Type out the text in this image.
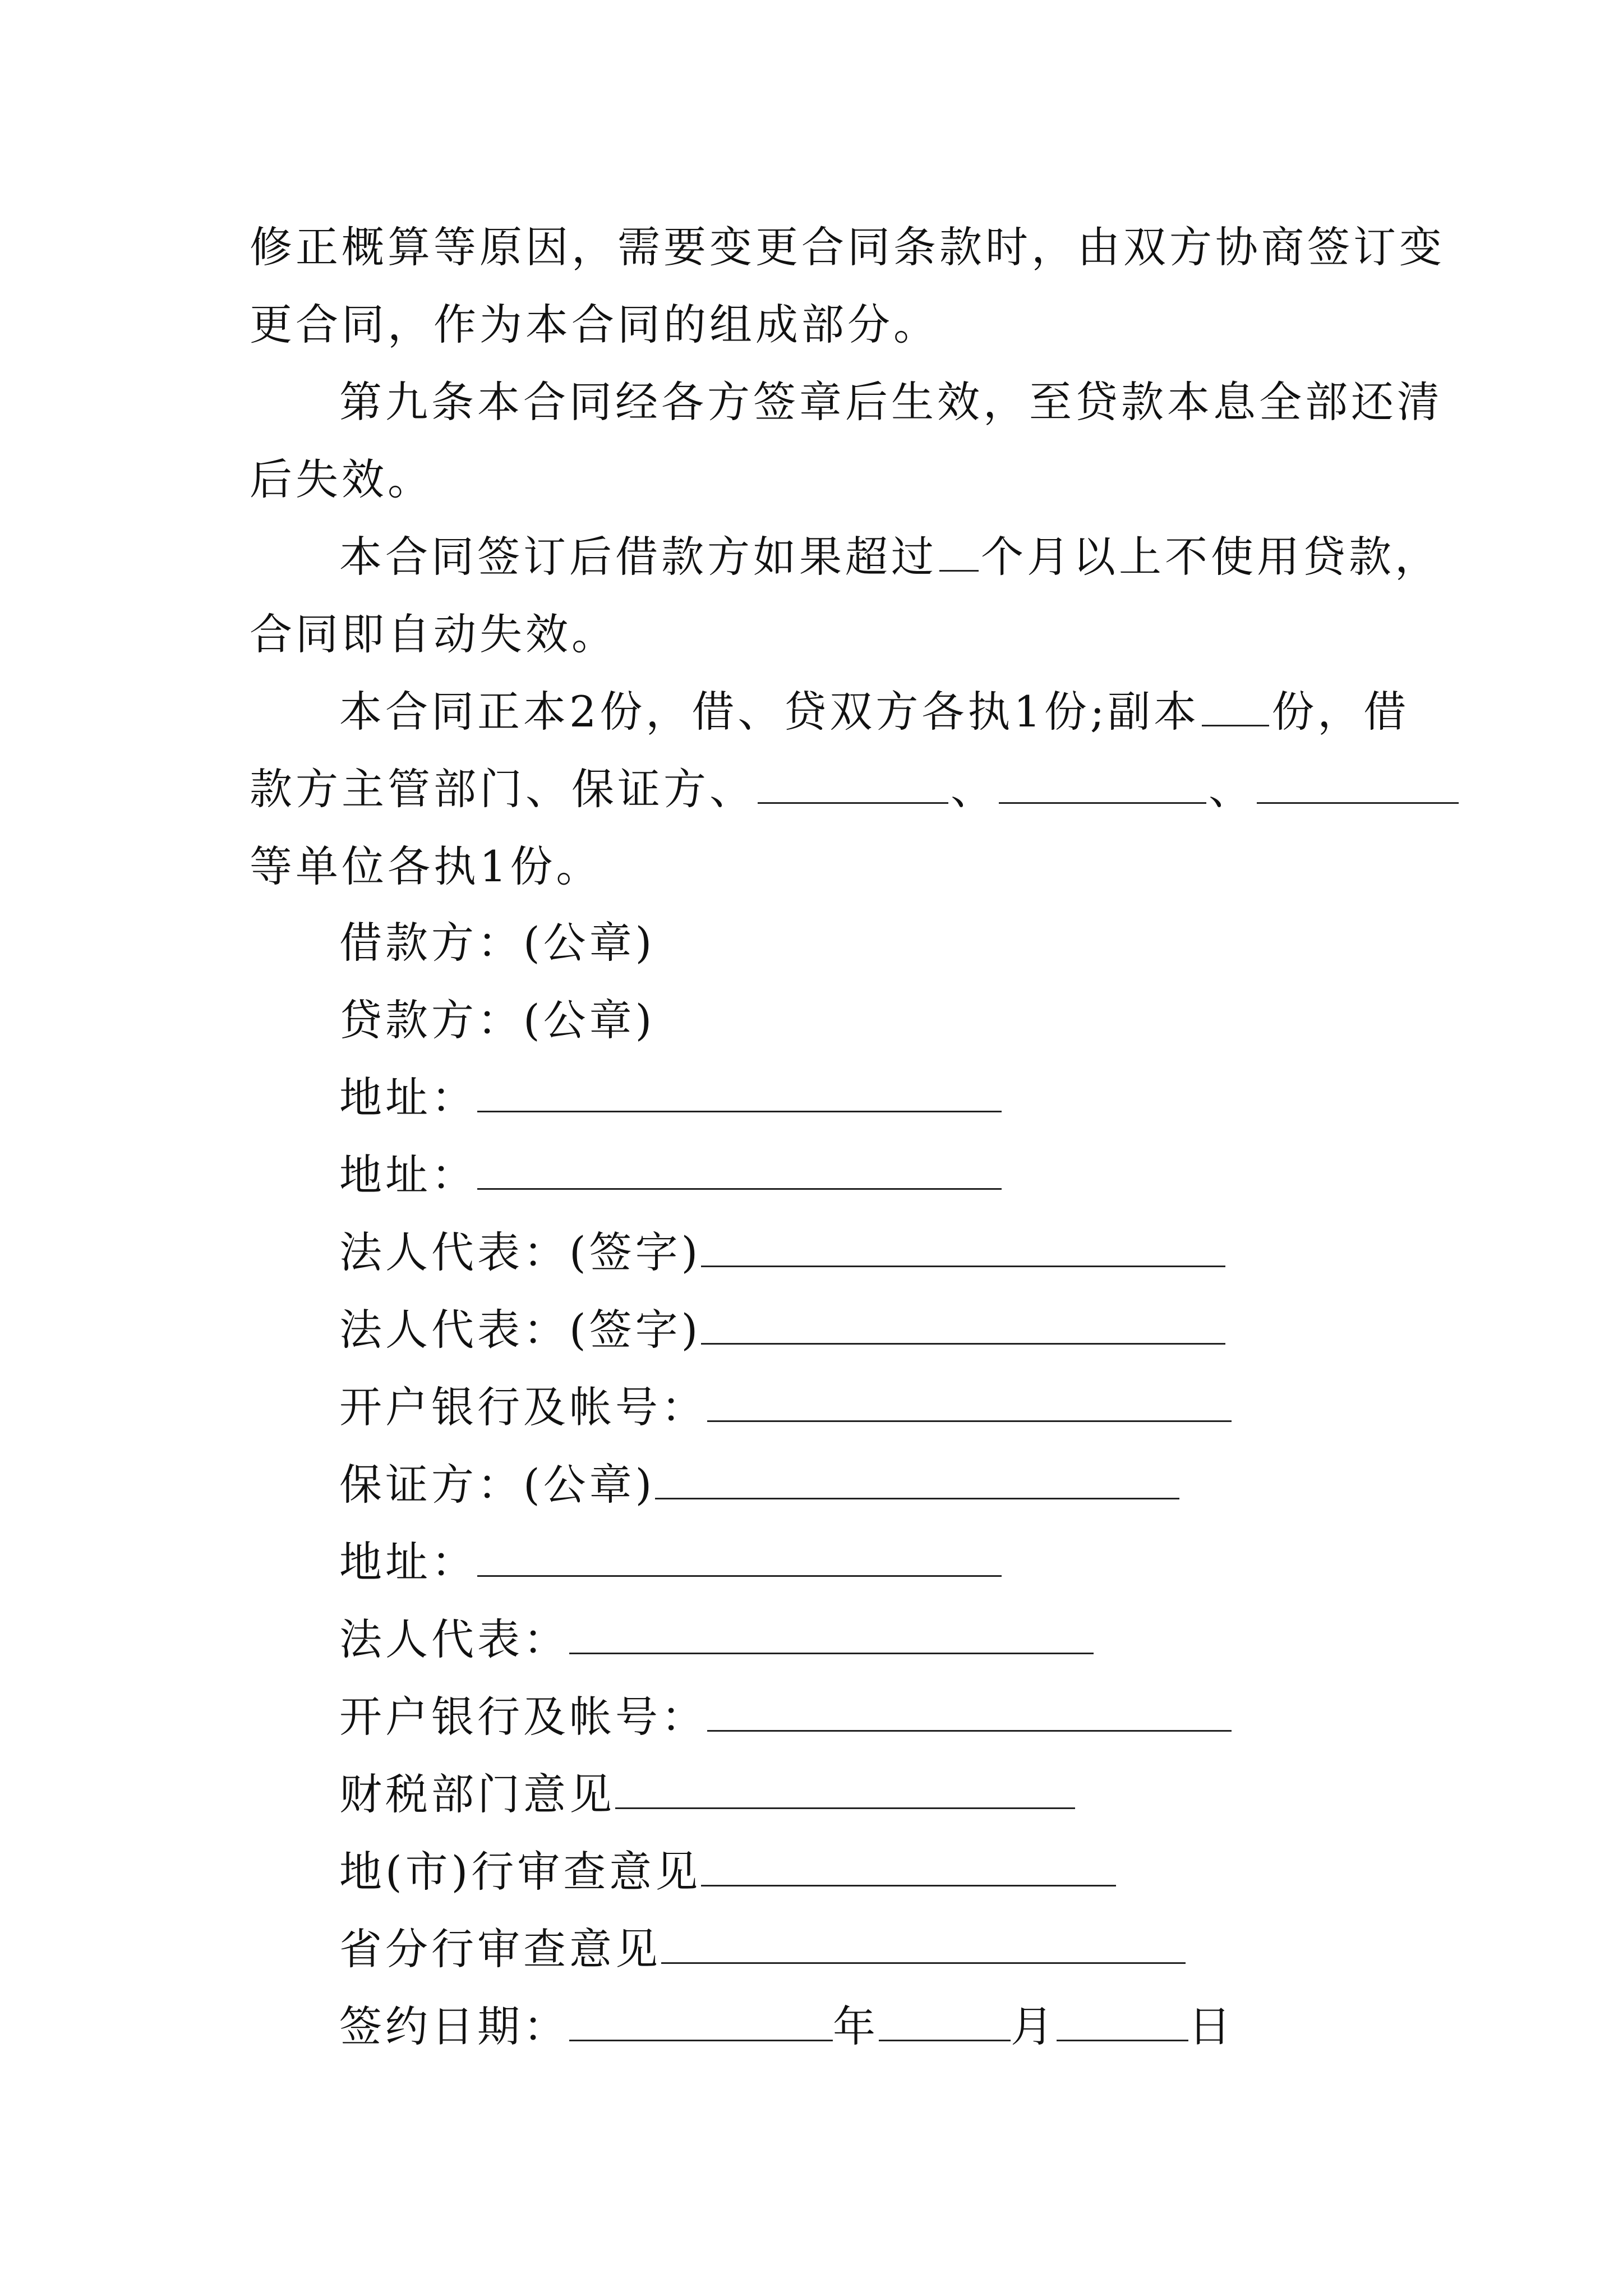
修正概算等原因，需要变更合同条款时，由双方协商签订变
更合同，作为本合同的组成部分。
第九条本合同经各方签章后生效，至贷款本息全部还清
后失效。
本合同签订后借款方如果超过 个月以上不使用贷款，
合同即自动失效。
本合同正本2份，借、贷双方各执1份;副本 份，借
款方主管部门、保证方、	、	、
等单位各执1份。
借款方：(公章)
贷款方：(公章)
地址：
地址：
法人代表：(签字)
法人代表：(签字)
开户银行及帐号：
保证方：(公章)
地址：
法人代表：
开户银行及帐号：
财税部门意见
地(市)行审查意见
省分行审查意见
签约日期：	年	月	日
